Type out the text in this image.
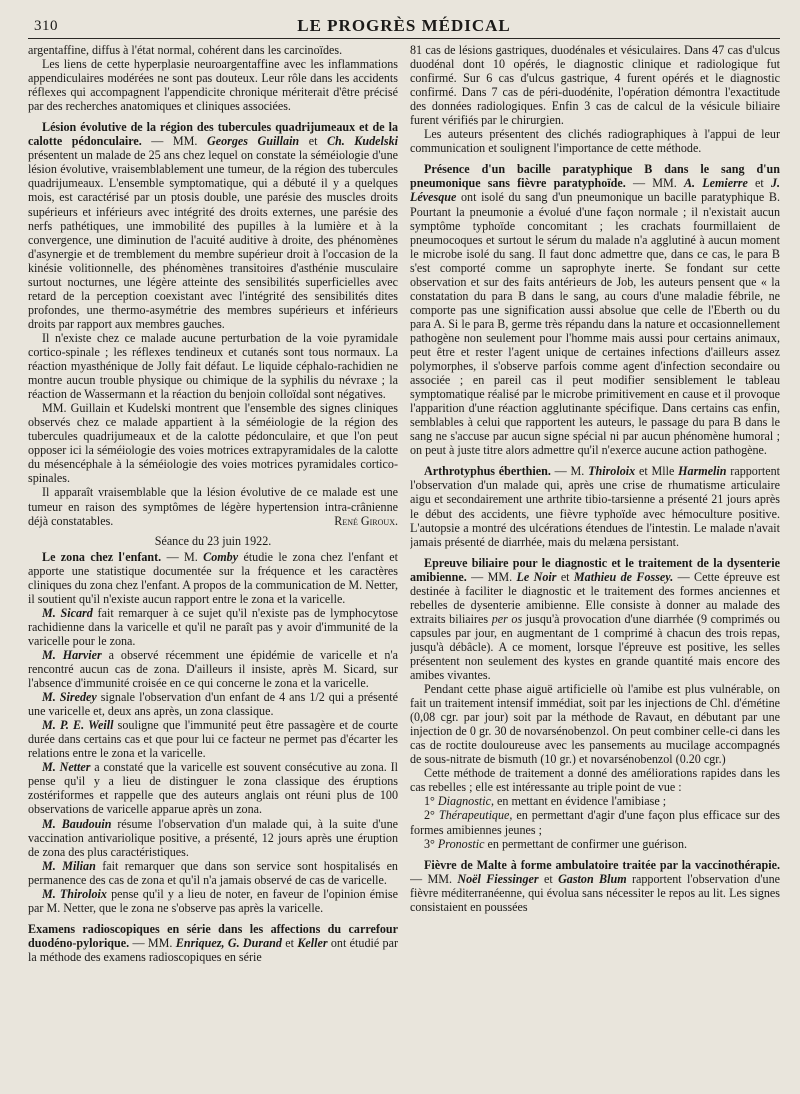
310	LE PROGRÈS MÉDICAL

argentaffine, diffus à l'état normal, cohérent dans les carcinoïdes.

Les liens de cette hyperplasie neuroargentaffine avec les inflammations appendiculaires modérées ne sont pas douteux. Leur rôle dans les accidents réflexes qui accompagnent l'appendicite chronique mériterait d'être précisé par des recherches anatomiques et cliniques associées.

Lésion évolutive de la région des tubercules quadrijumeaux et de la calotte pédonculaire. — MM. Georges Guillain et Ch. Kudelski présentent un malade de 25 ans chez lequel on constate la séméiologie d'une lésion évolutive, vraisemblablement une tumeur, de la région des tubercules quadrijumeaux. L'ensemble symptomatique, qui a débuté il y a quelques mois, est caractérisé par un ptosis double, une parésie des muscles droits supérieurs et inférieurs avec intégrité des droits externes, une parésie des nerfs pathétiques, une immobilité des pupilles à la lumière et à la convergence, une diminution de l'acuité auditive à droite, des phénomènes d'asynergie et de tremblement du membre supérieur droit à l'occasion de la kinésie volitionnelle, des phénomènes transitoires d'asthénie musculaire surtout nocturnes, une légère atteinte des sensibilités superficielles avec retard de la perception coexistant avec l'intégrité des sensibilités dites profondes, une thermo-asymétrie des membres supérieurs et inférieurs droits par rapport aux membres gauches.

Il n'existe chez ce malade aucune perturbation de la voie pyramidale cortico-spinale ; les réflexes tendineux et cutanés sont tous normaux. La réaction myasthénique de Jolly fait défaut. Le liquide céphalo-rachidien ne montre aucun trouble physique ou chimique de la syphilis du névraxe ; la réaction de Wassermann et la réaction du benjoin colloïdal sont négatives.

MM. Guillain et Kudelski montrent que l'ensemble des signes cliniques observés chez ce malade appartient à la séméiologie de la région des tubercules quadrijumeaux et de la calotte pédonculaire, et que l'on peut opposer ici la séméiologie des voies motrices extrapyramidales de la calotte du mésencéphale à la séméiologie des voies motrices pyramidales cortico-spinales.

Il apparaît vraisemblable que la lésion évolutive de ce malade est une tumeur en raison des symptômes de légère hypertension intra-crânienne déjà constatables.	René Giroux.

Séance du 23 juin 1922.

Le zona chez l'enfant. — M. Comby étudie le zona chez l'enfant et apporte une statistique documentée sur la fréquence et les caractères cliniques du zona chez l'enfant. A propos de la communication de M. Netter, il soutient qu'il n'existe aucun rapport entre le zona et la varicelle.

M. Sicard fait remarquer à ce sujet qu'il n'existe pas de lymphocytose rachidienne dans la varicelle et qu'il ne paraît pas y avoir d'immunité de la varicelle pour le zona.

M. Harvier a observé récemment une épidémie de varicelle et n'a rencontré aucun cas de zona. D'ailleurs il insiste, après M. Sicard, sur l'absence d'immunité croisée en ce qui concerne le zona et la varicelle.

M. Siredey signale l'observation d'un enfant de 4 ans 1/2 qui a présenté une varicelle et, deux ans après, un zona classique.

M. P. E. Weill souligne que l'immunité peut être passagère et de courte durée dans certains cas et que pour lui ce facteur ne permet pas d'écarter les relations entre le zona et la varicelle.

M. Netter a constaté que la varicelle est souvent consécutive au zona. Il pense qu'il y a lieu de distinguer le zona classique des éruptions zostériformes et rappelle que des auteurs anglais ont réuni plus de 100 observations de varicelle apparue après un zona.

M. Baudouin résume l'observation d'un malade qui, à la suite d'une vaccination antivariolique positive, a présenté, 12 jours après une éruption de zona des plus caractéristiques.

M. Milian fait remarquer que dans son service sont hospitalisés en permanence des cas de zona et qu'il n'a jamais observé de cas de varicelle.

M. Thiroloix pense qu'il y a lieu de noter, en faveur de l'opinion émise par M. Netter, que le zona ne s'observe pas après la varicelle.

Examens radioscopiques en série dans les affections du carrefour duodéno-pylorique. — MM. Enriquez, G. Durand et Keller ont étudié par la méthode des examens radioscopiques en série

81 cas de lésions gastriques, duodénales et vésiculaires. Dans 47 cas d'ulcus duodénal dont 10 opérés, le diagnostic clinique et radiologique fut confirmé. Sur 6 cas d'ulcus gastrique, 4 furent opérés et le diagnostic confirmé. Dans 7 cas de péri-duodénite, l'opération démontra l'exactitude des données radiologiques. Enfin 3 cas de calcul de la vésicule biliaire furent vérifiés par le chirurgien.

Les auteurs présentent des clichés radiographiques à l'appui de leur communication et soulignent l'importance de cette méthode.

Présence d'un bacille paratyphique B dans le sang d'un pneumonique sans fièvre paratyphoïde. — MM. A. Lemierre et J. Lévesque ont isolé du sang d'un pneumonique un bacille paratyphique B. Pourtant la pneumonie a évolué d'une façon normale ; il n'existait aucun symptôme typhoïde concomitant ; les crachats fourmillaient de pneumocoques et surtout le sérum du malade n'a agglutiné à aucun moment le microbe isolé du sang. Il faut donc admettre que, dans ce cas, le para B s'est comporté comme un saprophyte inerte. Se fondant sur cette observation et sur des faits antérieurs de Job, les auteurs pensent que « la constatation du para B dans le sang, au cours d'une maladie fébrile, ne comporte pas une signification aussi absolue que celle de l'Eberth ou du para A. Si le para B, germe très répandu dans la nature et occasionnellement pathogène non seulement pour l'homme mais aussi pour certains animaux, peut être et rester l'agent unique de certaines infections d'ailleurs assez polymorphes, il s'observe parfois comme agent d'infection secondaire ou associée ; en pareil cas il peut modifier sensiblement le tableau symptomatique réalisé par le microbe primitivement en cause et il provoque l'apparition d'une réaction agglutinante spécifique. Dans certains cas enfin, semblables à celui que rapportent les auteurs, le passage du para B dans le sang ne s'accuse par aucun signe spécial ni par aucun phénomène humoral ; on peut à juste titre alors admettre qu'il n'exerce aucune action pathogène.

Arthrotyphus éberthien. — M. Thiroloix et Mlle Harmelin rapportent l'observation d'un malade qui, après une crise de rhumatisme articulaire aigu et secondairement une arthrite tibio-tarsienne a présenté 21 jours après le début des accidents, une fièvre typhoïde avec hémoculture positive. L'autopsie a montré des ulcérations étendues de l'intestin. Le malade n'avait jamais présenté de diarrhée, mais du melæna persistant.

Epreuve biliaire pour le diagnostic et le traitement de la dysenterie amibienne. — MM. Le Noir et Mathieu de Fossey. — Cette épreuve est destinée à faciliter le diagnostic et le traitement des formes anciennes et rebelles de dysenterie amibienne. Elle consiste à donner au malade des extraits biliaires per os jusqu'à provocation d'une diarrhée (9 comprimés ou capsules par jour, en augmentant de 1 comprimé à chacun des trois repas, jusqu'à débâcle). A ce moment, lorsque l'épreuve est positive, les selles présentent non seulement des kystes en grande quantité mais encore des amibes vivantes.

Pendant cette phase aiguë artificielle où l'amibe est plus vulnérable, on fait un traitement intensif immédiat, soit par les injections de Chl. d'émétine (0,08 cgr. par jour) soit par la méthode de Ravaut, en débutant par une injection de 0 gr. 30 de novarsénobenzol. On peut combiner celle-ci dans les cas de roctite douloureuse avec les pansements au mucilage accompagnés de sous-nitrate de bismuth (10 gr.) et novarsénobenzol (0.20 cgr.)

Cette méthode de traitement a donné des améliorations rapides dans les cas rebelles ; elle est intéressante au triple point de vue :

1° Diagnostic, en mettant en évidence l'amibiase ;

2° Thérapeutique, en permettant d'agir d'une façon plus efficace sur des formes amibiennes jeunes ;

3° Pronostic en permettant de confirmer une guérison.

Fièvre de Malte à forme ambulatoire traitée par la vaccinothérapie. — MM. Noël Fiessinger et Gaston Blum rapportent l'observation d'une fièvre méditerranéenne, qui évolua sans nécessiter le repos au lit. Les signes consistaient en poussées
